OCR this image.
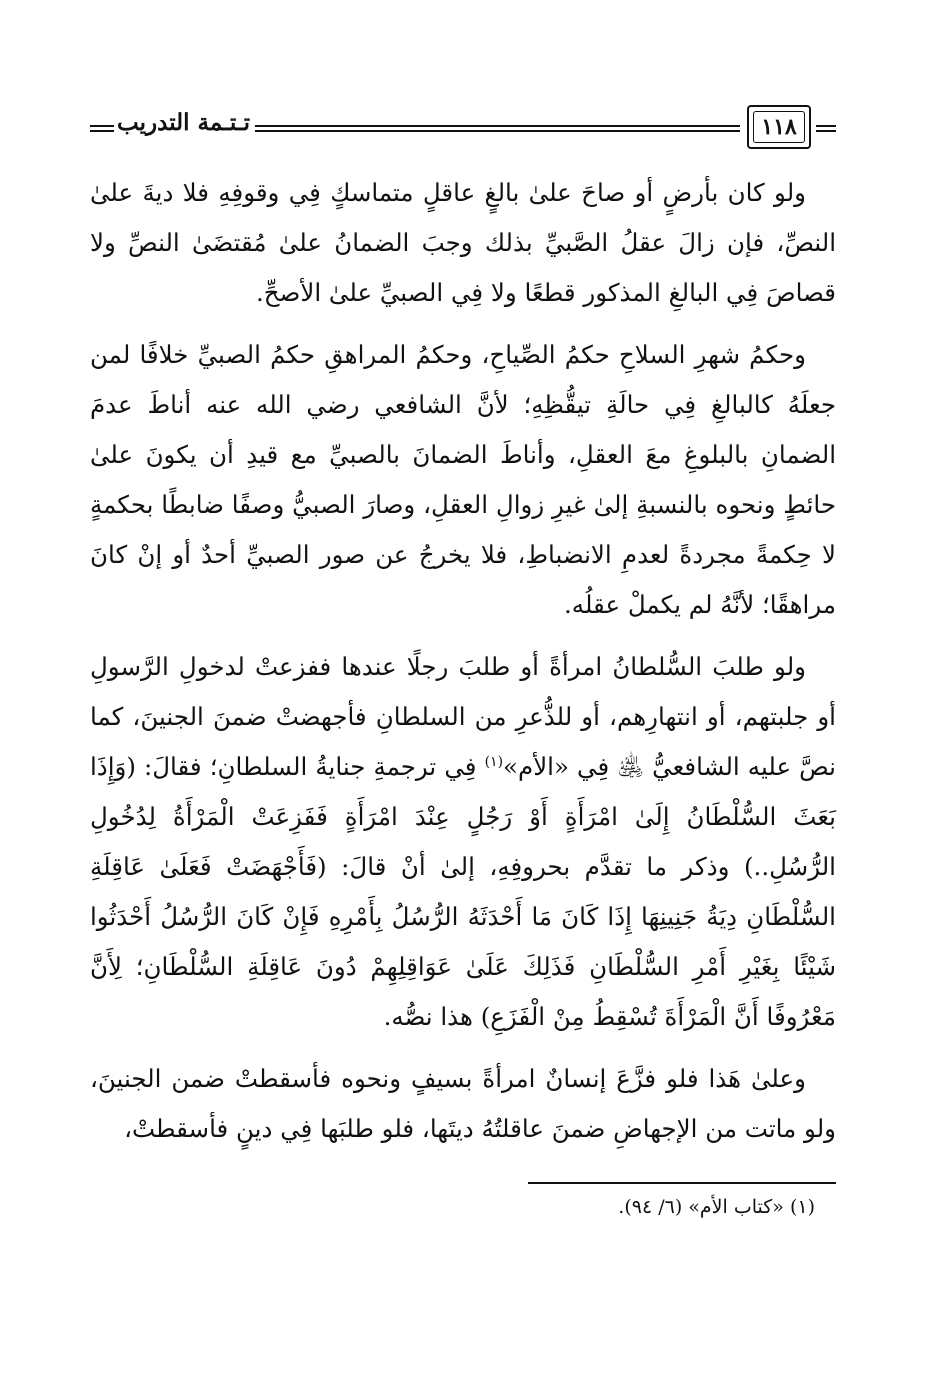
تـتـمة التدريب	١١٨

ولو كان بأرضٍ أو صاحَ علىٰ بالغٍ عاقلٍ متماسكٍ فِي وقوفِهِ فلا ديةَ علىٰ النصِّ، فإن زالَ عقلُ الصَّبيِّ بذلك وجبَ الضمانُ علىٰ مُقتضَىٰ النصِّ ولا قصاصَ فِي البالغِ المذكور قطعًا ولا فِي الصبيِّ علىٰ الأصحِّ.

وحكمُ شهرِ السلاحِ حكمُ الصِّياحِ، وحكمُ المراهقِ حكمُ الصبيِّ خلافًا لمن جعلَهُ كالبالغِ فِي حالَةِ تيقُّظِهِ؛ لأنَّ الشافعي رضي الله عنه أناطَ عدمَ الضمانِ بالبلوغِ معَ العقلِ، وأناطَ الضمانَ بالصبيِّ مع قيدِ أن يكونَ علىٰ حائطٍ ونحوه بالنسبةِ إلىٰ غيرِ زوالِ العقلِ، وصارَ الصبيُّ وصفًا ضابطًا بحكمةٍ لا حِكمةً مجردةً لعدمِ الانضباطِ، فلا يخرجُ عن صور الصبيِّ أحدٌ أو إنْ كانَ مراهقًا؛ لأنَّهُ لم يكملْ عقلُه.

ولو طلبَ السُّلطانُ امرأةً أو طلبَ رجلًا عندها ففزعتْ لدخولِ الرَّسولِ أو جلبتهم، أو انتهارِهم، أو للذُّعرِ من السلطانِ فأجهضتْ ضمنَ الجنينَ، كما نصَّ عليه الشافعيُّ ﵁ فِي «الأم»$^{(١)}$ فِي ترجمةِ جنايةُ السلطانِ؛ فقالَ: (وَإِذَا بَعَثَ السُّلْطَانُ إِلَىٰ امْرَأَةٍ أَوْ رَجُلٍ عِنْدَ امْرَأَةٍ فَفَزِعَتْ الْمَرْأَةُ لِدُخُولِ الرُّسُلِ..) وذكر ما تقدَّم بحروفِهِ، إلىٰ أنْ قالَ: (فَأَجْهَضَتْ فَعَلَىٰ عَاقِلَةِ السُّلْطَانِ دِيَةُ جَنِينِهَا إِذَا كَانَ مَا أَحْدَثَهُ الرُّسُلُ بِأَمْرِهِ فَإِنْ كَانَ الرُّسُلُ أَحْدَثُوا شَيْئًا بِغَيْرِ أَمْرِ السُّلْطَانِ فَذَلِكَ عَلَىٰ عَوَاقِلِهِمْ دُونَ عَاقِلَةِ السُّلْطَانِ؛ لِأَنَّ مَعْرُوفًا أَنَّ الْمَرْأَةَ تُسْقِطُ مِنْ الْفَزَعِ) هذا نصُّه.

وعلىٰ هَذا فلو فزَّعَ إنسانٌ امرأةً بسيفٍ ونحوه فأسقطتْ ضمن الجنينَ، ولو ماتت من الإجهاضِ ضمنَ عاقلتُهُ ديتَها، فلو طلبَها فِي دينٍ فأسقطتْ،

(١) «كتاب الأم» (٦/ ٩٤).
